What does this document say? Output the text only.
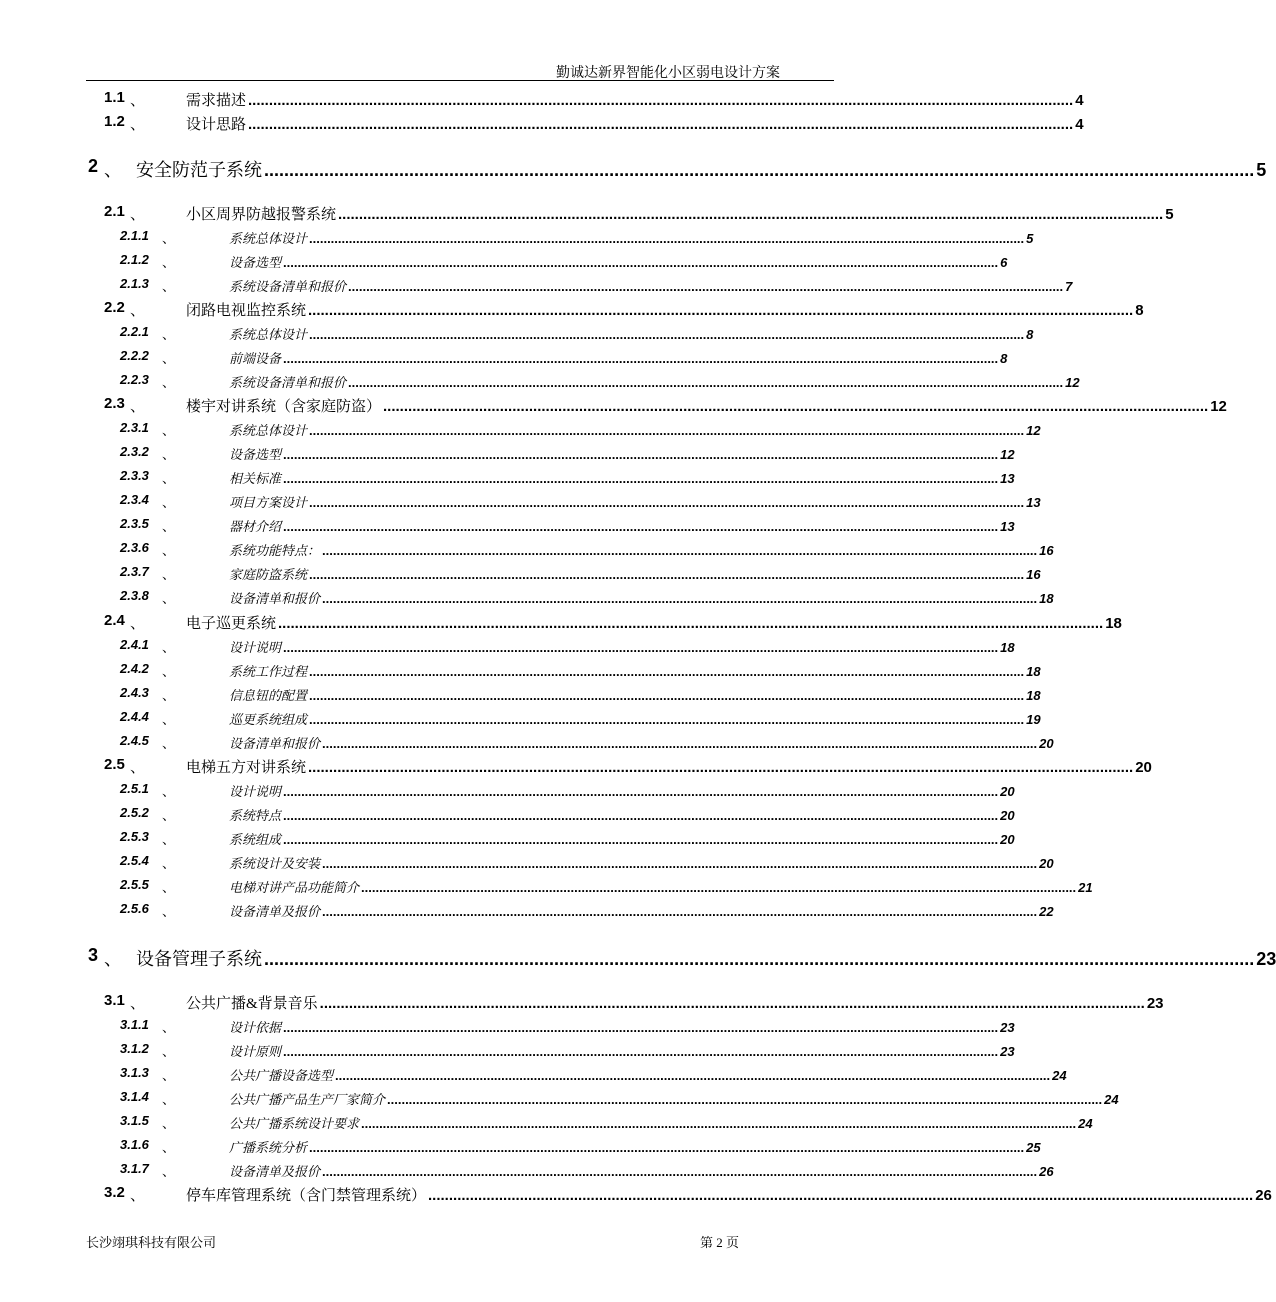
勤诚达新界智能化小区弱电设计方案
1.1 、	需求描述 ...................................................................................................................................................................................................... 4
1.2 、	设计思路 ...................................................................................................................................................................................................... 4
2 、 安全防范子系统 ...................................................................................................................................................................................................... 5
2.1 、	小区周界防越报警系统 ...................................................................................................................................................................................................... 5
2.1.1 、	系统总体设计 ...................................................................................................................................................................................................... 5
2.1.2 、	设备选型 ...................................................................................................................................................................................................... 6
2.1.3 、	系统设备清单和报价 ...................................................................................................................................................................................................... 7
2.2 、	闭路电视监控系统 ...................................................................................................................................................................................................... 8
2.2.1 、	系统总体设计 ...................................................................................................................................................................................................... 8
2.2.2 、	前端设备 ...................................................................................................................................................................................................... 8
2.2.3 、	系统设备清单和报价 ...................................................................................................................................................................................................... 12
2.3 、	楼宇对讲系统（含家庭防盗） ...................................................................................................................................................................................................... 12
2.3.1 、	系统总体设计 ...................................................................................................................................................................................................... 12
2.3.2 、	设备选型 ...................................................................................................................................................................................................... 12
2.3.3 、	相关标准 ...................................................................................................................................................................................................... 13
2.3.4 、	项目方案设计 ...................................................................................................................................................................................................... 13
2.3.5 、	器材介绍 ...................................................................................................................................................................................................... 13
2.3.6 、	系统功能特点： ...................................................................................................................................................................................................... 16
2.3.7 、	家庭防盗系统 ...................................................................................................................................................................................................... 16
2.3.8 、	设备清单和报价 ...................................................................................................................................................................................................... 18
2.4 、	电子巡更系统 ...................................................................................................................................................................................................... 18
2.4.1 、	设计说明 ...................................................................................................................................................................................................... 18
2.4.2 、	系统工作过程 ...................................................................................................................................................................................................... 18
2.4.3 、	信息钮的配置 ...................................................................................................................................................................................................... 18
2.4.4 、	巡更系统组成 ...................................................................................................................................................................................................... 19
2.4.5 、	设备清单和报价 ...................................................................................................................................................................................................... 20
2.5 、	电梯五方对讲系统 ...................................................................................................................................................................................................... 20
2.5.1 、	设计说明 ...................................................................................................................................................................................................... 20
2.5.2 、	系统特点 ...................................................................................................................................................................................................... 20
2.5.3 、	系统组成 ...................................................................................................................................................................................................... 20
2.5.4 、	系统设计及安装 ...................................................................................................................................................................................................... 20
2.5.5 、	电梯对讲产品功能简介 ...................................................................................................................................................................................................... 21
2.5.6 、	设备清单及报价 ...................................................................................................................................................................................................... 22
3 、 设备管理子系统 ...................................................................................................................................................................................................... 23
3.1 、	公共广播&背景音乐 ...................................................................................................................................................................................................... 23
3.1.1 、	设计依据 ...................................................................................................................................................................................................... 23
3.1.2 、	设计原则 ...................................................................................................................................................................................................... 23
3.1.3 、	公共广播设备选型 ...................................................................................................................................................................................................... 24
3.1.4 、	公共广播产品生产厂家简介 ...................................................................................................................................................................................................... 24
3.1.5 、	公共广播系统设计要求 ...................................................................................................................................................................................................... 24
3.1.6 、	广播系统分析 ...................................................................................................................................................................................................... 25
3.1.7 、	设备清单及报价 ...................................................................................................................................................................................................... 26
3.2 、	停车库管理系统（含门禁管理系统） ...................................................................................................................................................................................................... 26
长沙翊琪科技有限公司	第 2 页
